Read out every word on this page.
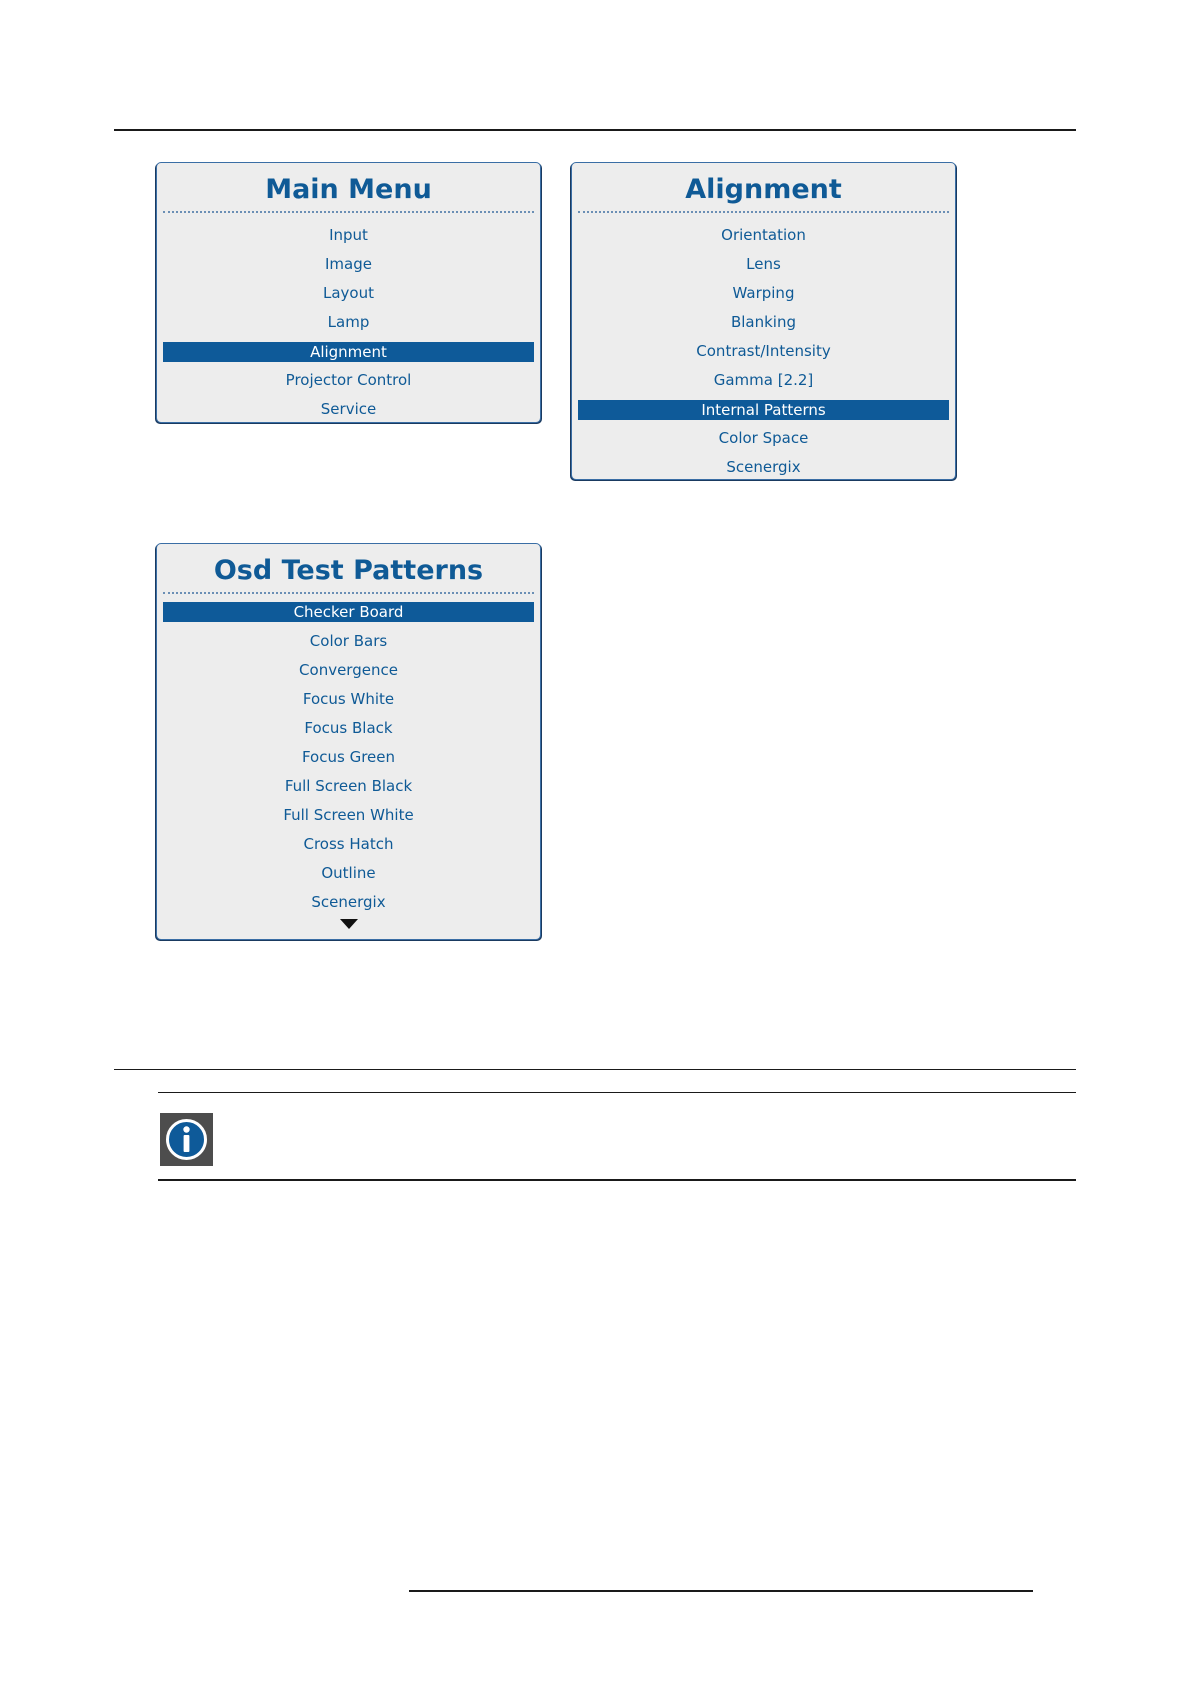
Main Menu
Input
Image
Layout
Lamp
Alignment
Projector Control
Service
Alignment
Orientation
Lens
Warping
Blanking
Contrast/Intensity
Gamma [2.2]
Internal Patterns
Color Space
Scenergix
Osd Test Patterns
Checker Board
Color Bars
Convergence
Focus White
Focus Black
Focus Green
Full Screen Black
Full Screen White
Cross Hatch
Outline
Scenergix
